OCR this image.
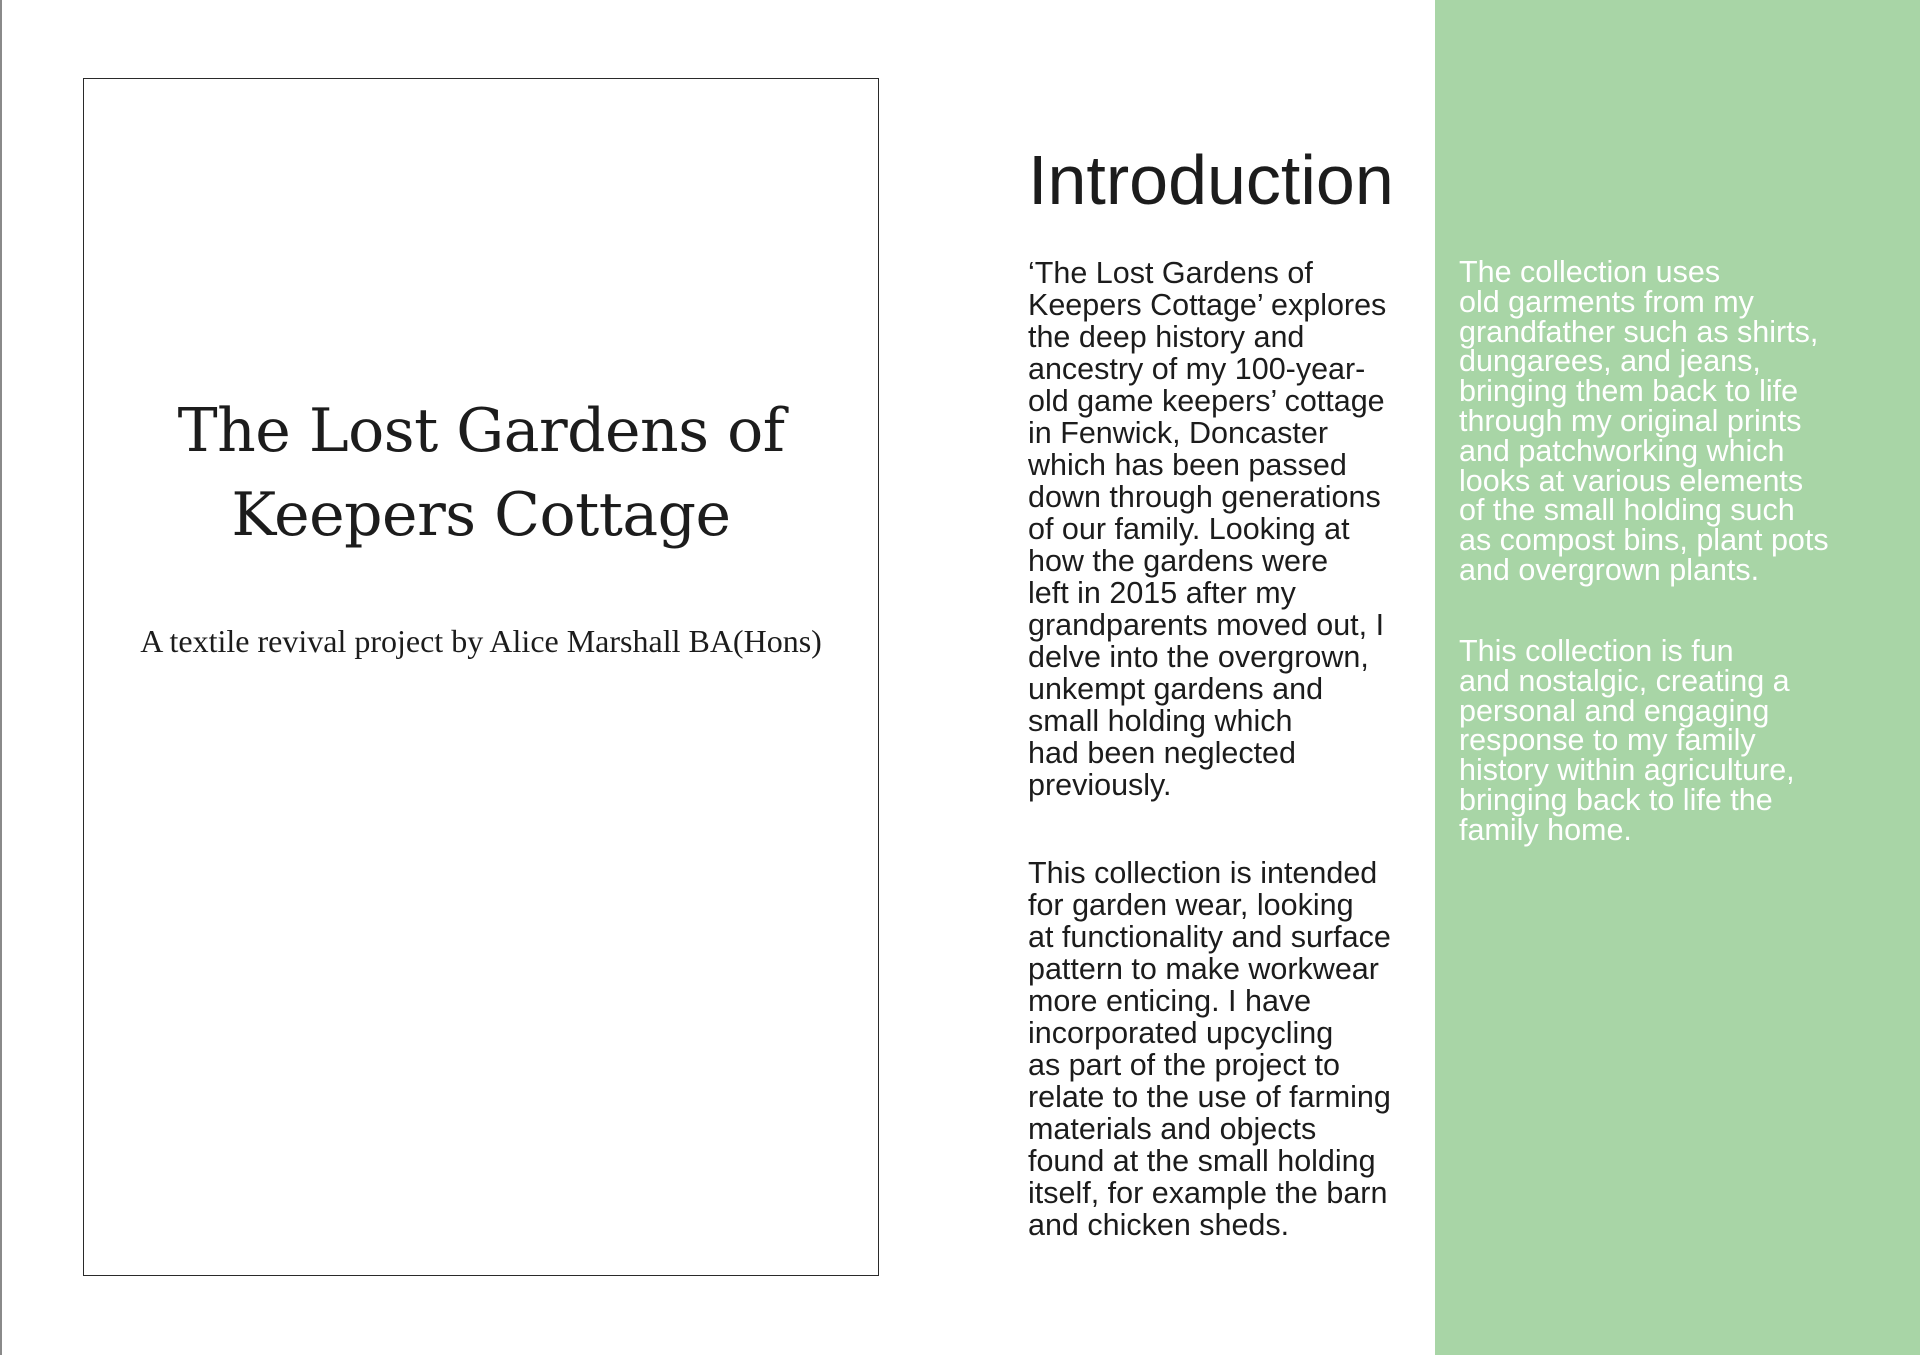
The Lost Gardens of
Keepers Cottage

A textile revival project by Alice Marshall BA(Hons)

Introduction

‘The Lost Gardens of
Keepers Cottage’ explores
the deep history and
ancestry of my 100-year-
old game keepers’ cottage
in Fenwick, Doncaster
which has been passed
down through generations
of our family. Looking at
how the gardens were
left in 2015 after my
grandparents moved out, I
delve into the overgrown,
unkempt gardens and
small holding which
had been neglected
previously.

This collection is intended
for garden wear, looking
at functionality and surface
pattern to make workwear
more enticing. I have
incorporated upcycling
as part of the project to
relate to the use of farming
materials and objects
found at the small holding
itself, for example the barn
and chicken sheds.

The collection uses
old garments from my
grandfather such as shirts,
dungarees, and jeans,
bringing them back to life
through my original prints
and patchworking which
looks at various elements
of the small holding such
as compost bins, plant pots
and overgrown plants.

This collection is fun
and nostalgic, creating a
personal and engaging
response to my family
history within agriculture,
bringing back to life the
family home.
